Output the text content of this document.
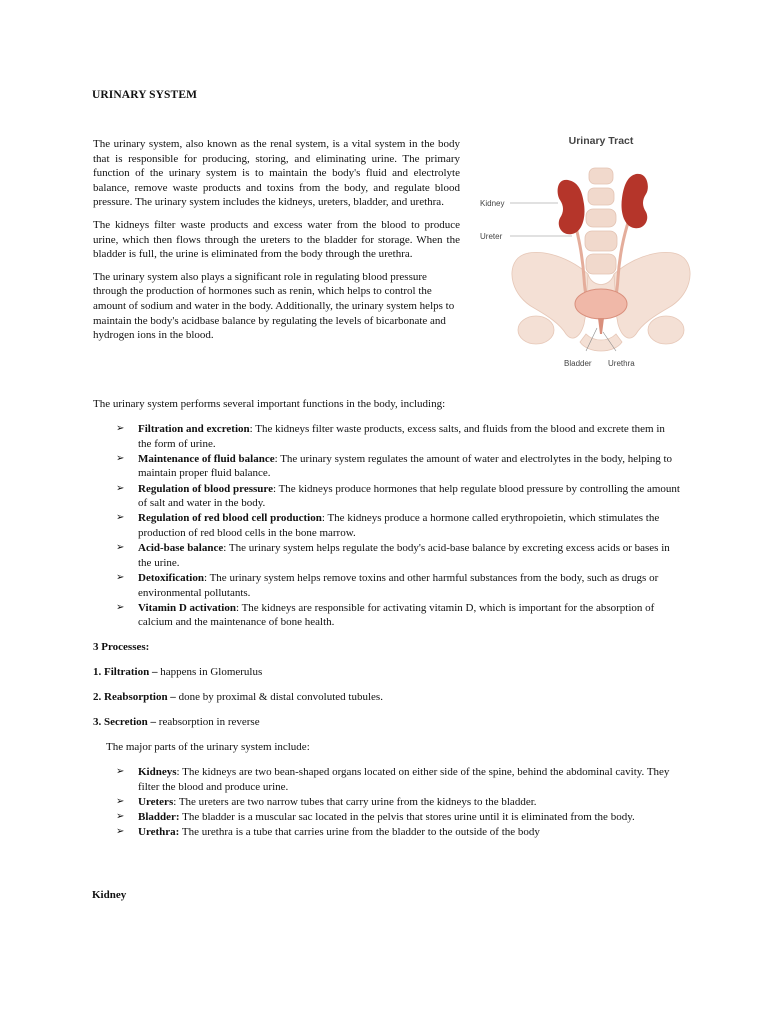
URINARY SYSTEM

The urinary system, also known as the renal system, is a vital system in the body that is responsible for producing, storing, and eliminating urine. The primary function of the urinary system is to maintain the body's fluid and electrolyte balance, remove waste products and toxins from the body, and regulate blood pressure. The urinary system includes the kidneys, ureters, bladder, and urethra.

The kidneys filter waste products and excess water from the blood to produce urine, which then flows through the ureters to the bladder for storage. When the bladder is full, the urine is eliminated from the body through the urethra.

The urinary system also plays a significant role in regulating blood pressure through the production of hormones such as renin, which helps to control the amount of sodium and water in the body. Additionally, the urinary system helps to maintain the body's acidbase balance by regulating the levels of bicarbonate and hydrogen ions in the blood.

Urinary Tract
Kidney
Ureter
Bladder Urethra
The urinary system performs several important functions in the body, including:
➢ Filtration and excretion: The kidneys filter waste products, excess salts, and fluids from the blood and excrete them in the form of urine.
➢ Maintenance of fluid balance: The urinary system regulates the amount of water and electrolytes in the body, helping to maintain proper fluid balance.
➢ Regulation of blood pressure: The kidneys produce hormones that help regulate blood pressure by controlling the amount of salt and water in the body.
➢ Regulation of red blood cell production: The kidneys produce a hormone called erythropoietin, which stimulates the production of red blood cells in the bone marrow.
➢ Acid-base balance: The urinary system helps regulate the body's acid-base balance by excreting excess acids or bases in the urine.
➢ Detoxification: The urinary system helps remove toxins and other harmful substances from the body, such as drugs or environmental pollutants.
➢ Vitamin D activation: The kidneys are responsible for activating vitamin D, which is important for the absorption of calcium and the maintenance of bone health.
3 Processes:
1. Filtration – happens in Glomerulus
2. Reabsorption – done by proximal & distal convoluted tubules.
3. Secretion – reabsorption in reverse
The major parts of the urinary system include:
➢ Kidneys: The kidneys are two bean-shaped organs located on either side of the spine, behind the abdominal cavity. They filter the blood and produce urine.
➢ Ureters: The ureters are two narrow tubes that carry urine from the kidneys to the bladder.
➢ Bladder: The bladder is a muscular sac located in the pelvis that stores urine until it is eliminated from the body.
➢ Urethra: The urethra is a tube that carries urine from the bladder to the outside of the body
Kidney
